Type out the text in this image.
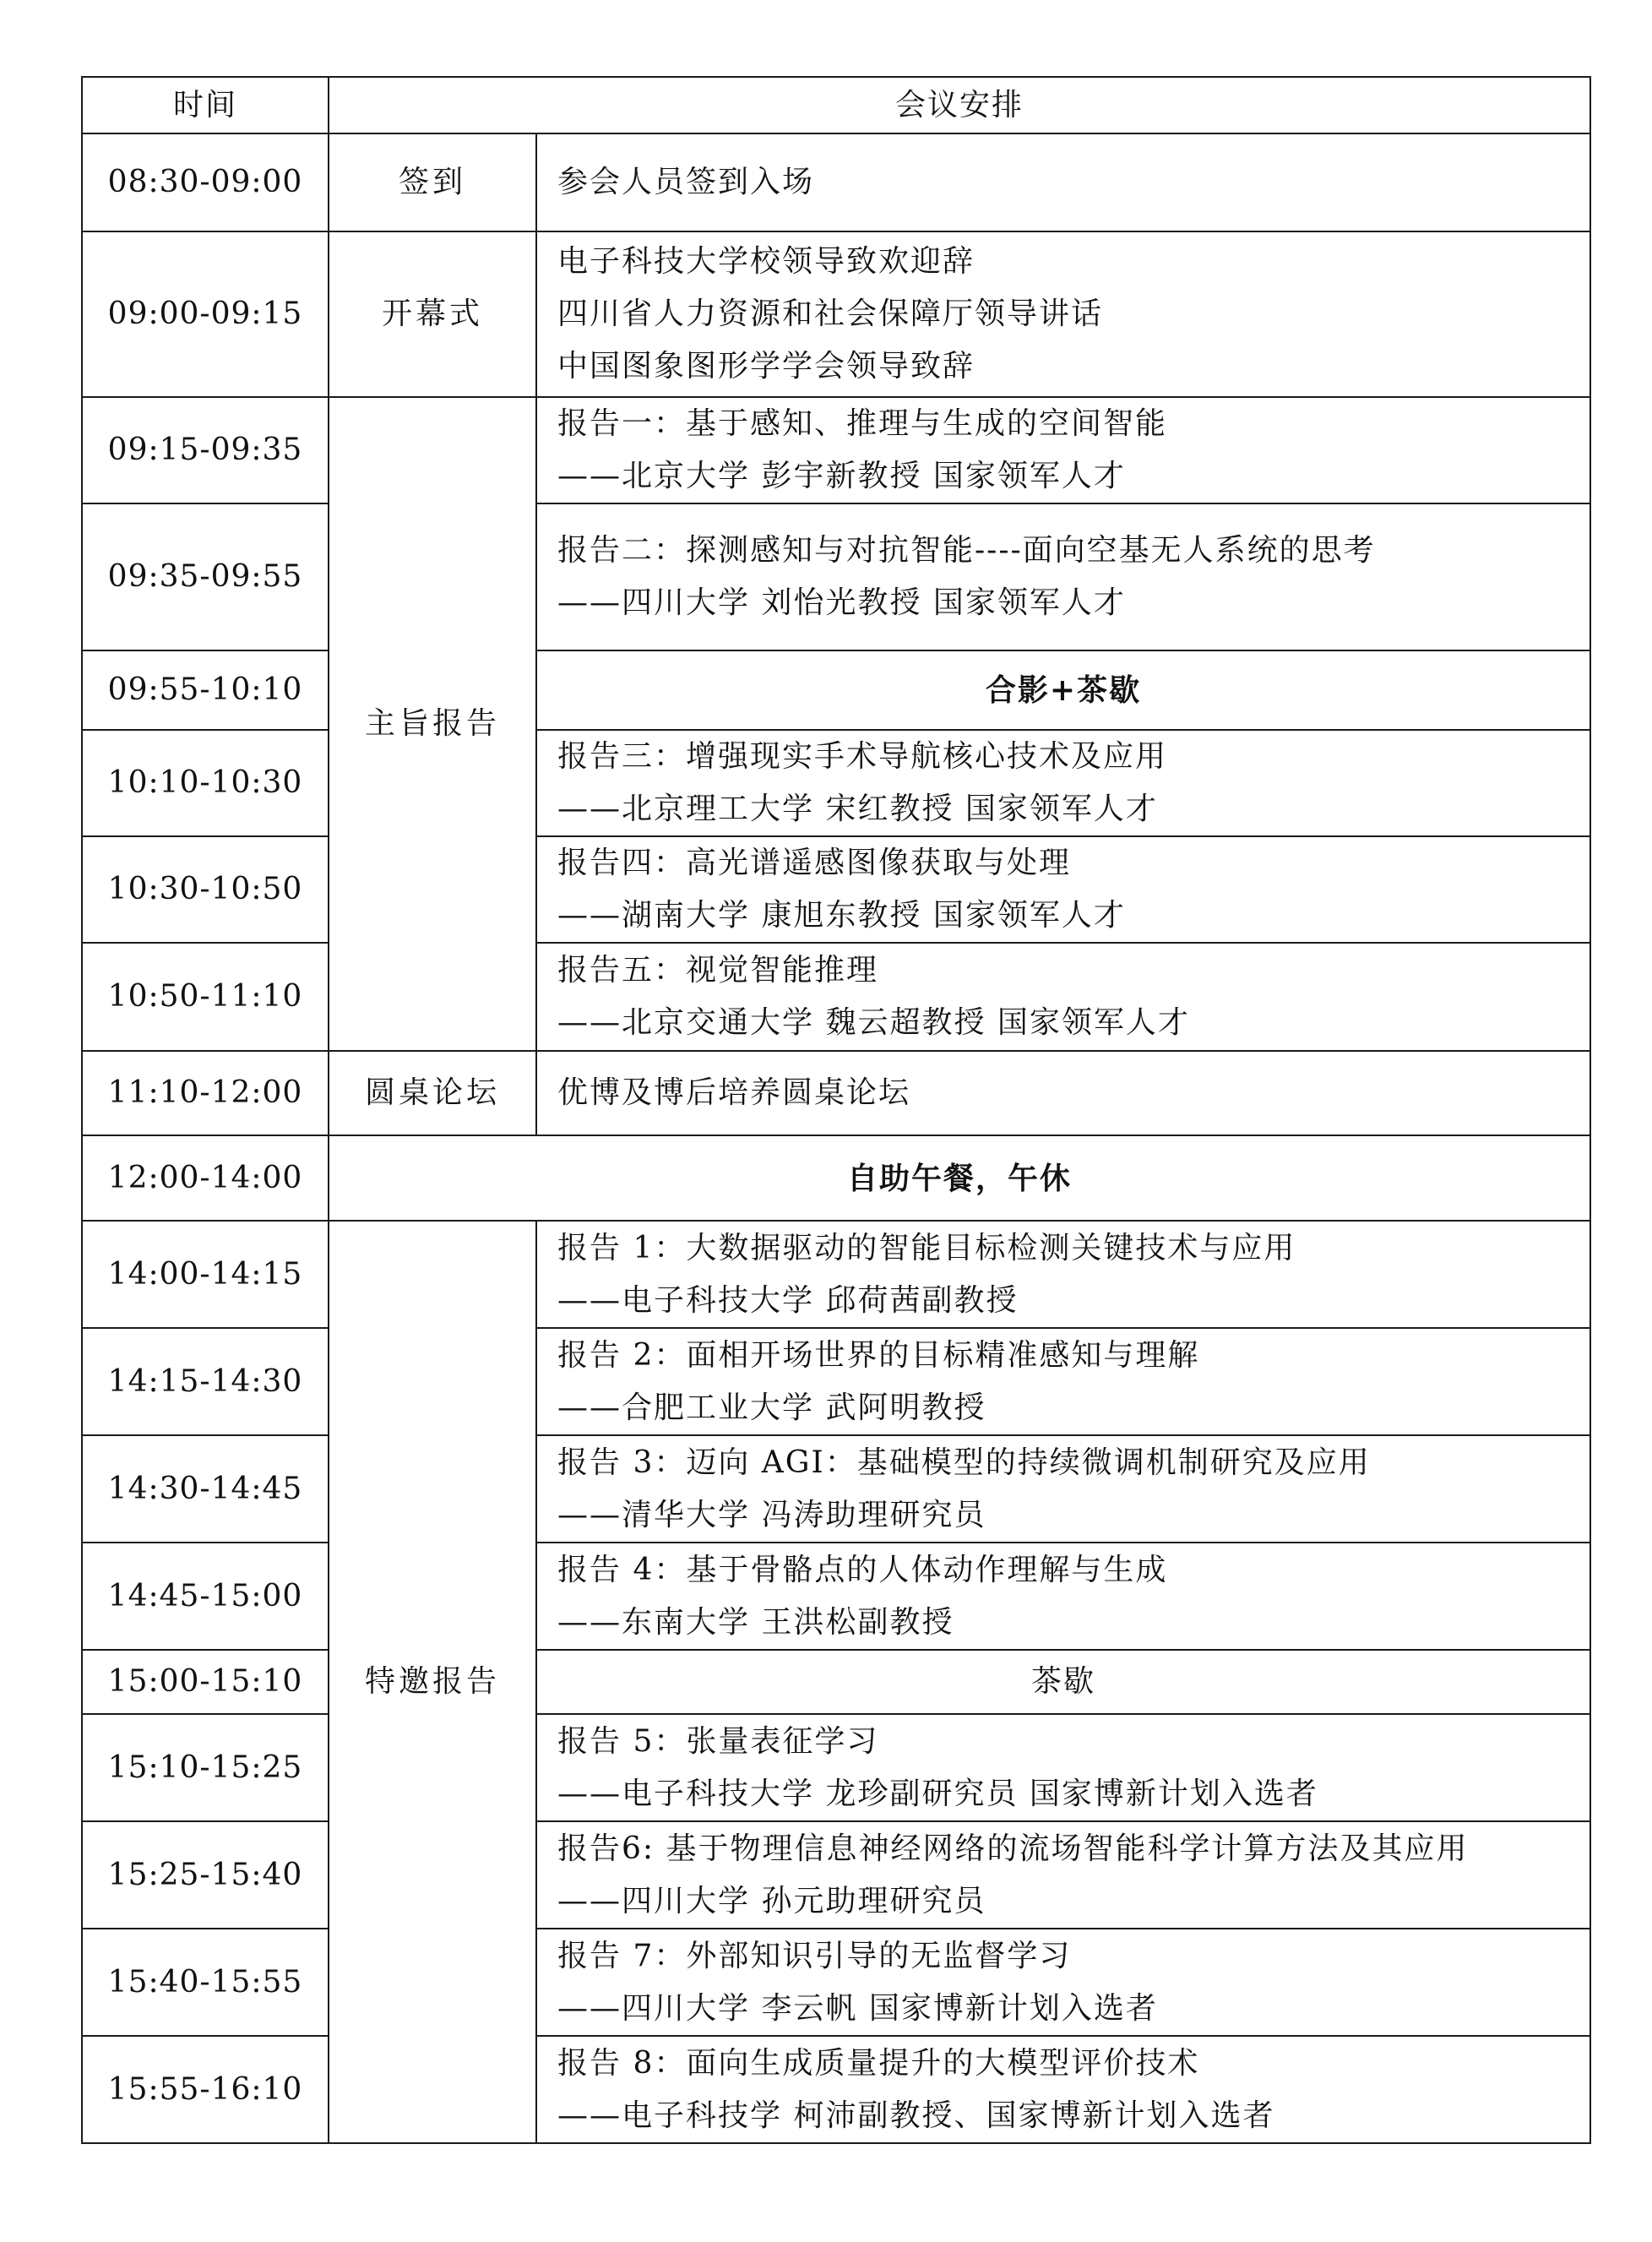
时间	会议安排	
08:30-09:00	签到	参会人员签到入场
09:00-09:15	开幕式	电子科技大学校领导致欢迎辞
四川省人力资源和社会保障厅领导讲话
中国图象图形学学会领导致辞

09:15-09:35	主旨报告	报告一：基于感知、推理与生成的空间智能
——北京大学 彭宇新教授 国家领军人才

09:35-09:55		报告二：探测感知与对抗智能----面向空基无人系统的思考
——四川大学 刘怡光教授 国家领军人才

09:55-10:10		合影+茶歇
10:10-10:30		报告三：增强现实手术导航核心技术及应用
——北京理工大学 宋红教授 国家领军人才

10:30-10:50		报告四：高光谱遥感图像获取与处理
——湖南大学 康旭东教授 国家领军人才

10:50-11:10		报告五：视觉智能推理
——北京交通大学 魏云超教授 国家领军人才

11:10-12:00	圆桌论坛	优博及博后培养圆桌论坛
12:00-14:00	自助午餐，午休	
14:00-14:15	特邀报告	报告 1：大数据驱动的智能目标检测关键技术与应用
——电子科技大学 邱荷茜副教授

14:15-14:30		报告 2：面相开场世界的目标精准感知与理解
——合肥工业大学 武阿明教授

14:30-14:45		报告 3：迈向 AGI：基础模型的持续微调机制研究及应用
——清华大学 冯涛助理研究员

14:45-15:00		报告 4：基于骨骼点的人体动作理解与生成
——东南大学 王洪松副教授

15:00-15:10		茶歇
15:10-15:25		报告 5：张量表征学习
——电子科技大学 龙珍副研究员 国家博新计划入选者

15:25-15:40		报告6: 基于物理信息神经网络的流场智能科学计算方法及其应用
——四川大学 孙元助理研究员

15:40-15:55		报告 7：外部知识引导的无监督学习
——四川大学 李云帆 国家博新计划入选者

15:55-16:10		报告 8：面向生成质量提升的大模型评价技术
——电子科技学 柯沛副教授、国家博新计划入选者
